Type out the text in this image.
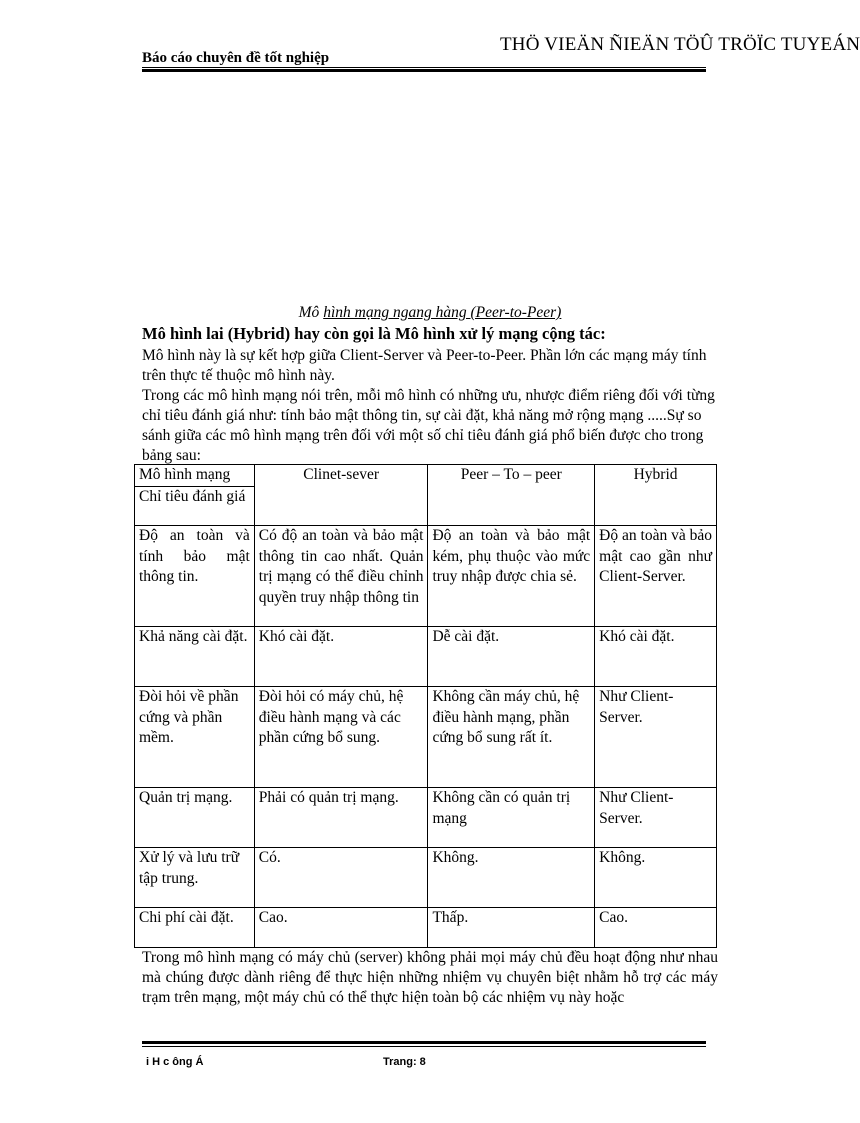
Báo cáo chuyên đề tốt nghiệp
THÖ VIEÄN ÑIEÄN TÖÛ TRÖÏC TUYEÁN
Mô hình mạng ngang hàng (Peer-to-Peer)
Mô hình lai (Hybrid) hay còn gọi là Mô hình xử lý mạng cộng tác:
Mô hình này là sự kết hợp giữa Client-Server và Peer-to-Peer. Phần lớn các mạng máy tính trên thực tế thuộc mô hình này.
Trong các mô hình mạng nói trên, mỗi mô hình có những ưu, nhược điểm riêng đối với từng chỉ tiêu đánh giá như: tính bảo mật thông tin, sự cài đặt, khả năng mở rộng mạng .....Sự so sánh giữa các mô hình mạng trên đối với một số chỉ tiêu đánh giá phổ biến được cho trong bảng sau:
Mô hình mạng
Chỉ tiêu đánh giá	Clinet-sever	Peer – To – peer	Hybrid
Độ an toàn và tính bảo mật thông tin.	Có độ an toàn và bảo mật thông tin cao nhất. Quản trị mạng có thể điều chỉnh quyền truy nhập thông tin	Độ an toàn và bảo mật kém, phụ thuộc vào mức truy nhập được chia sẻ.	Độ an toàn và bảo mật cao gần như Client-Server.
Khả năng cài đặt.	Khó cài đặt.	Dễ cài đặt.	Khó cài đặt.
Đòi hỏi về phần cứng và phần mềm.	Đòi hỏi có máy chủ, hệ điều hành mạng và các phần cứng bổ sung.	Không cần máy chủ, hệ điều hành mạng, phần cứng bổ sung rất ít.	Như Client-Server.
Quản trị mạng.	Phải có quản trị mạng.	Không cần có quản trị mạng	Như Client-Server.
Xử lý và lưu trữ tập trung.	Có.	Không.	Không.
Chi phí cài đặt.	Cao.	Thấp.	Cao.
Trong mô hình mạng có máy chủ (server) không phải mọi máy chủ đều hoạt động như nhau mà chúng được dành riêng để thực hiện những nhiệm vụ chuyên biệt nhằm hỗ trợ các máy trạm trên mạng, một máy chủ có thể thực hiện toàn bộ các nhiệm vụ này hoặc
i H c ông Á	Trang: 8
